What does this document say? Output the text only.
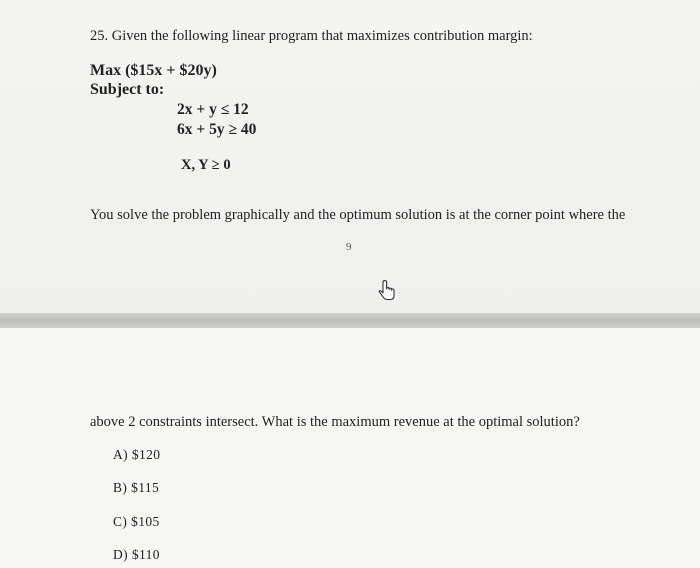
25. Given the following linear program that maximizes contribution margin:
Max ($15x + $20y)
Subject to:
2x + y ≤ 12
6x + 5y ≥ 40
X, Y ≥ 0
You solve the problem graphically and the optimum solution is at the corner point where the
9
above 2 constraints intersect. What is the maximum revenue at the optimal solution?
A) $120
B) $115
C) $105
D) $110
